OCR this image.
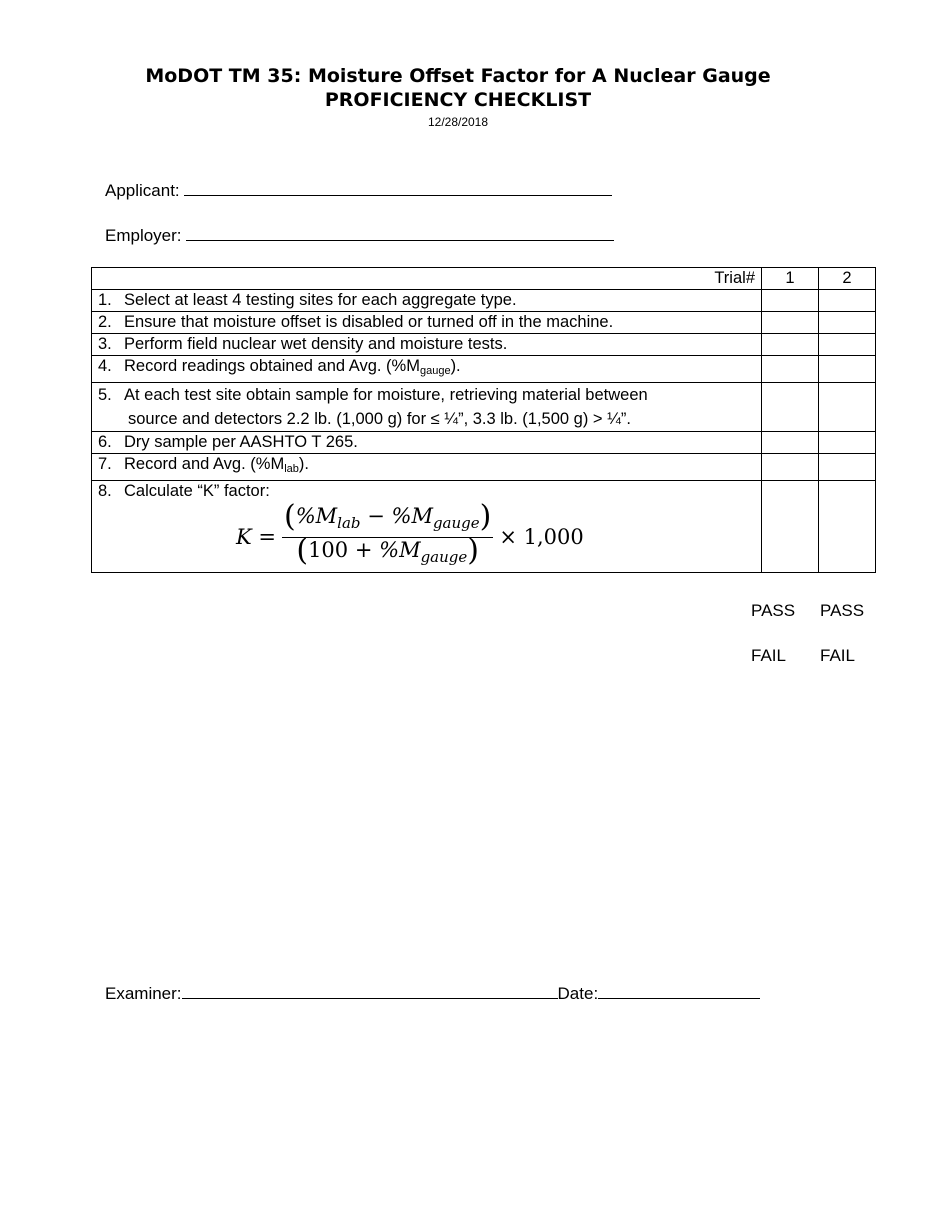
MoDOT TM 35: Moisture Offset Factor for A Nuclear Gauge
PROFICIENCY CHECKLIST
12/28/2018
Applicant:
Employer:
Trial#	1	2
1. Select at least 4 testing sites for each aggregate type.		
2. Ensure that moisture offset is disabled or turned off in the machine.		
3. Perform field nuclear wet density and moisture tests.		
4. Record readings obtained and Avg. $(\%M_{gauge})$.		
5. At each test site obtain sample for moisture, retrieving material between
source and detectors 2.2 lb. (1,000 g) for ≤ ¼”, 3.3 lb. (1,500 g) > ¼”.		

6. Dry sample per AASHTO T 265.		
7. Record and Avg. $(\%M_{lab})$.		
8. Calculate “K” factor:
$K = \frac{(\%M_{lab} - \%M_{gauge})}{(100 + \%M_{gauge})} \times 1,000$		

PASS PASS
FAIL FAIL
Examiner:	Date:
